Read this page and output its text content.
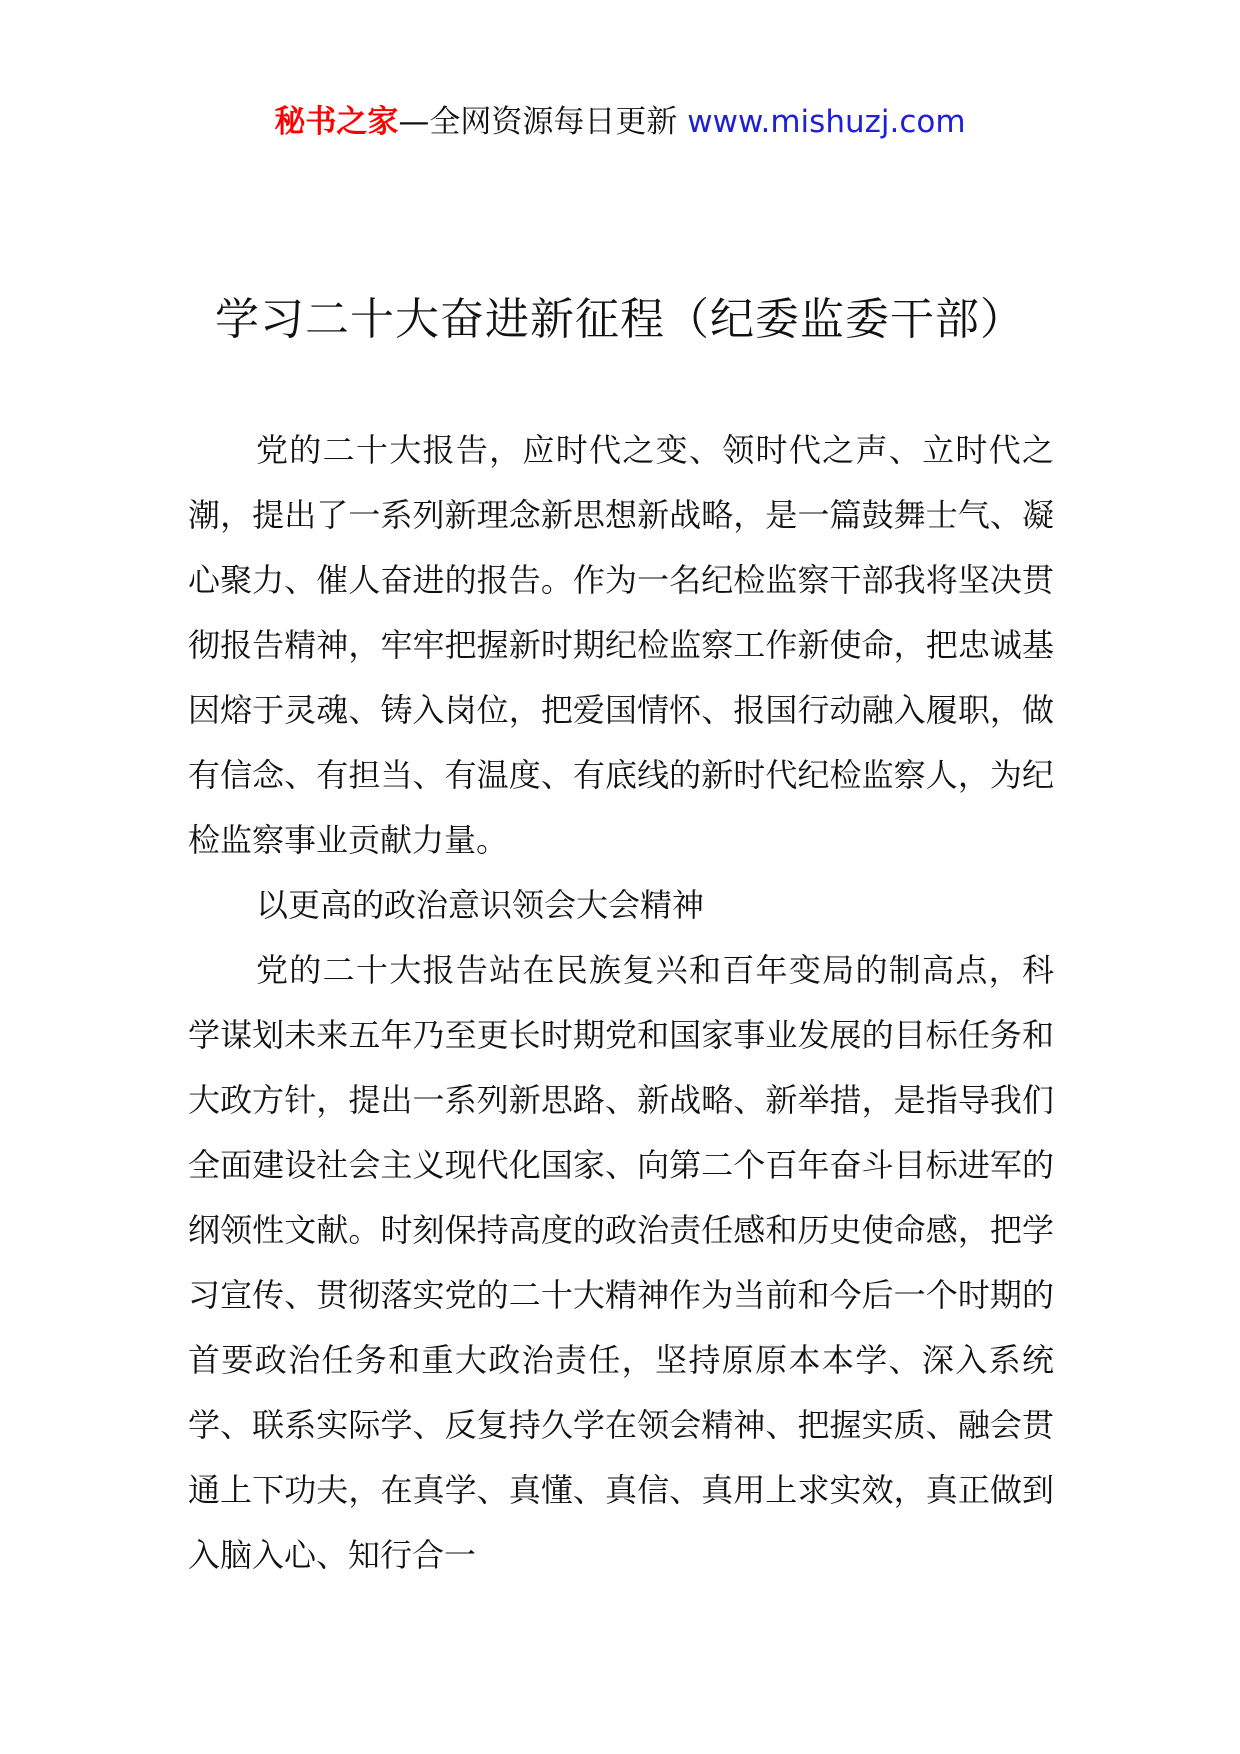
秘书之家—全网资源每日更新 www.mishuzj.com
学习二十大奋进新征程（纪委监委干部）

党的二十大报告，应时代之变、领时代之声、立时代之潮，提出了一系列新理念新思想新战略，是一篇鼓舞士气、凝心聚力、催人奋进的报告。作为一名纪检监察干部我将坚决贯彻报告精神，牢牢把握新时期纪检监察工作新使命，把忠诚基因熔于灵魂、铸入岗位，把爱国情怀、报国行动融入履职，做有信念、有担当、有温度、有底线的新时代纪检监察人，为纪检监察事业贡献力量。

以更高的政治意识领会大会精神

党的二十大报告站在民族复兴和百年变局的制高点，科学谋划未来五年乃至更长时期党和国家事业发展的目标任务和大政方针，提出一系列新思路、新战略、新举措，是指导我们全面建设社会主义现代化国家、向第二个百年奋斗目标进军的纲领性文献。时刻保持高度的政治责任感和历史使命感，把学习宣传、贯彻落实党的二十大精神作为当前和今后一个时期的首要政治任务和重大政治责任，坚持原原本本学、深入系统学、联系实际学、反复持久学在领会精神、把握实质、融会贯通上下功夫，在真学、真懂、真信、真用上求实效，真正做到入脑入心、知行合一
